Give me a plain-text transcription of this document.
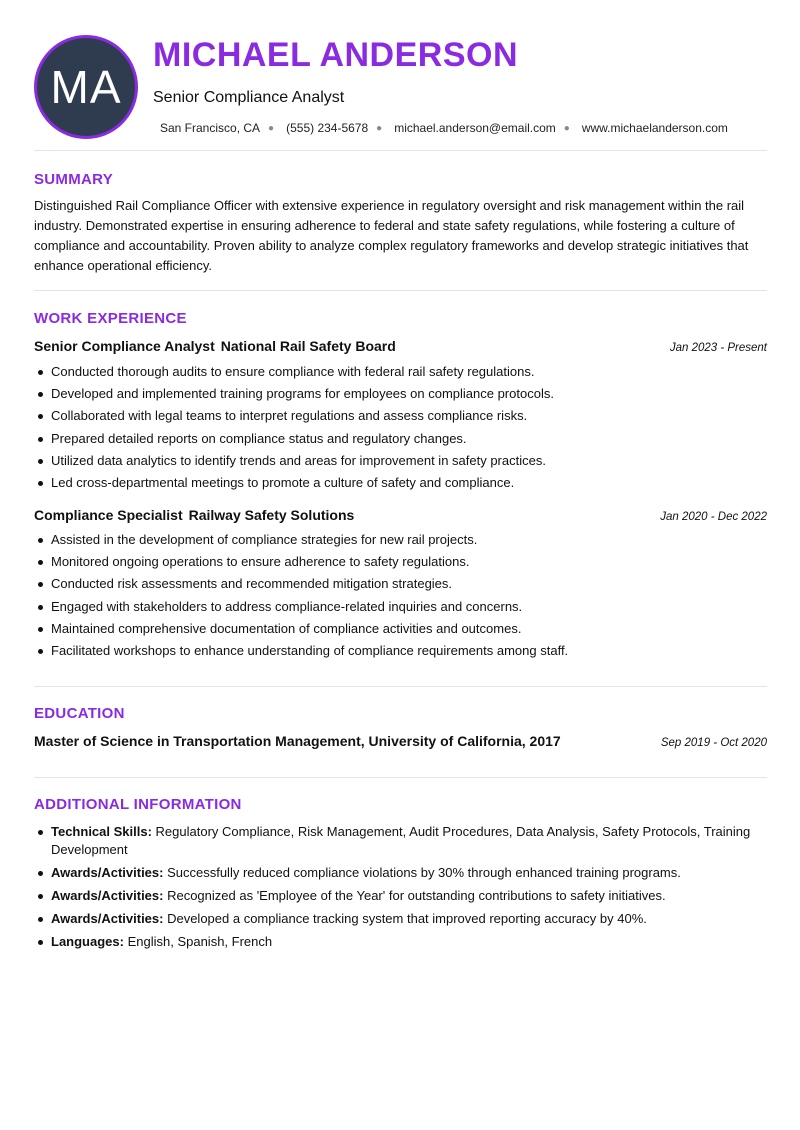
MA
MICHAEL ANDERSON
Senior Compliance Analyst
San Francisco, CA ● (555) 234-5678 ● michael.anderson@email.com ● www.michaelanderson.com
SUMMARY
Distinguished Rail Compliance Officer with extensive experience in regulatory oversight and risk management within the rail industry. Demonstrated expertise in ensuring adherence to federal and state safety regulations, while fostering a culture of compliance and accountability. Proven ability to analyze complex regulatory frameworks and develop strategic initiatives that enhance operational efficiency.
WORK EXPERIENCE
Senior Compliance Analyst National Rail Safety Board	Jan 2023 - Present
Conducted thorough audits to ensure compliance with federal rail safety regulations.
Developed and implemented training programs for employees on compliance protocols.
Collaborated with legal teams to interpret regulations and assess compliance risks.
Prepared detailed reports on compliance status and regulatory changes.
Utilized data analytics to identify trends and areas for improvement in safety practices.
Led cross-departmental meetings to promote a culture of safety and compliance.
Compliance Specialist Railway Safety Solutions	Jan 2020 - Dec 2022
Assisted in the development of compliance strategies for new rail projects.
Monitored ongoing operations to ensure adherence to safety regulations.
Conducted risk assessments and recommended mitigation strategies.
Engaged with stakeholders to address compliance-related inquiries and concerns.
Maintained comprehensive documentation of compliance activities and outcomes.
Facilitated workshops to enhance understanding of compliance requirements among staff.
EDUCATION
Master of Science in Transportation Management, University of California, 2017	Sep 2019 - Oct 2020
ADDITIONAL INFORMATION
Technical Skills: Regulatory Compliance, Risk Management, Audit Procedures, Data Analysis, Safety Protocols, Training Development
Awards/Activities: Successfully reduced compliance violations by 30% through enhanced training programs.
Awards/Activities: Recognized as 'Employee of the Year' for outstanding contributions to safety initiatives.
Awards/Activities: Developed a compliance tracking system that improved reporting accuracy by 40%.
Languages: English, Spanish, French
